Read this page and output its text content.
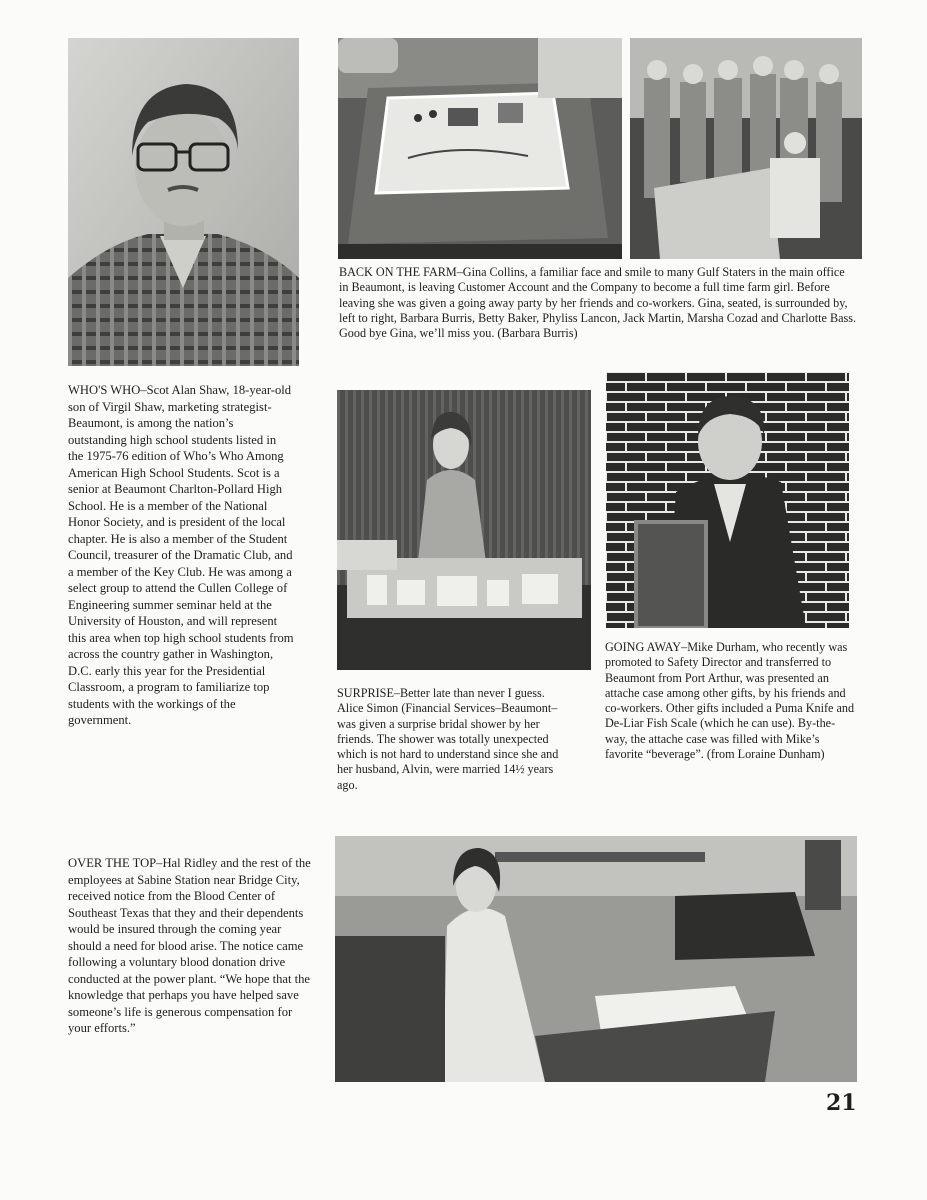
BACK ON THE FARM–Gina Collins, a familiar face and smile to many Gulf Staters in the main office in Beaumont, is leaving Customer Account and the Company to become a full time farm girl. Before leaving she was given a going away party by her friends and co-workers. Gina, seated, is surrounded by, left to right, Barbara Burris, Betty Baker, Phyliss Lancon, Jack Martin, Marsha Cozad and Charlotte Bass. Good bye Gina, we’ll miss you. (Barbara Burris)

WHO'S WHO–Scot Alan Shaw, 18-year-old son of Virgil Shaw, marketing strategist-Beaumont, is among the nation’s outstanding high school students listed in the 1975-76 edition of Who’s Who Among American High School Students. Scot is a senior at Beaumont Charlton-Pollard High School. He is a member of the National Honor Society, and is president of the local chapter. He is also a member of the Student Council, treasurer of the Dramatic Club, and a member of the Key Club. He was among a select group to attend the Cullen College of Engineering summer seminar held at the University of Houston, and will represent this area when top high school students from across the country gather in Washington, D.C. early this year for the Presidential Classroom, a program to familiarize top students with the workings of the government.

SURPRISE–Better late than never I guess. Alice Simon (Financial Services–Beaumont– was given a surprise bridal shower by her friends. The shower was totally unexpected which is not hard to understand since she and her husband, Alvin, were married 14½ years ago.

GOING AWAY–Mike Durham, who recently was promoted to Safety Director and transferred to Beaumont from Port Arthur, was presented an attache case among other gifts, by his friends and co-workers. Other gifts included a Puma Knife and De-Liar Fish Scale (which he can use). By-the-way, the attache case was filled with Mike’s favorite “beverage”. (from Loraine Dunham)

OVER THE TOP–Hal Ridley and the rest of the employees at Sabine Station near Bridge City, received notice from the Blood Center of Southeast Texas that they and their dependents would be insured through the coming year should a need for blood arise. The notice came following a voluntary blood donation drive conducted at the power plant. “We hope that the knowledge that perhaps you have helped save someone’s life is generous compensation for your efforts.”

21
